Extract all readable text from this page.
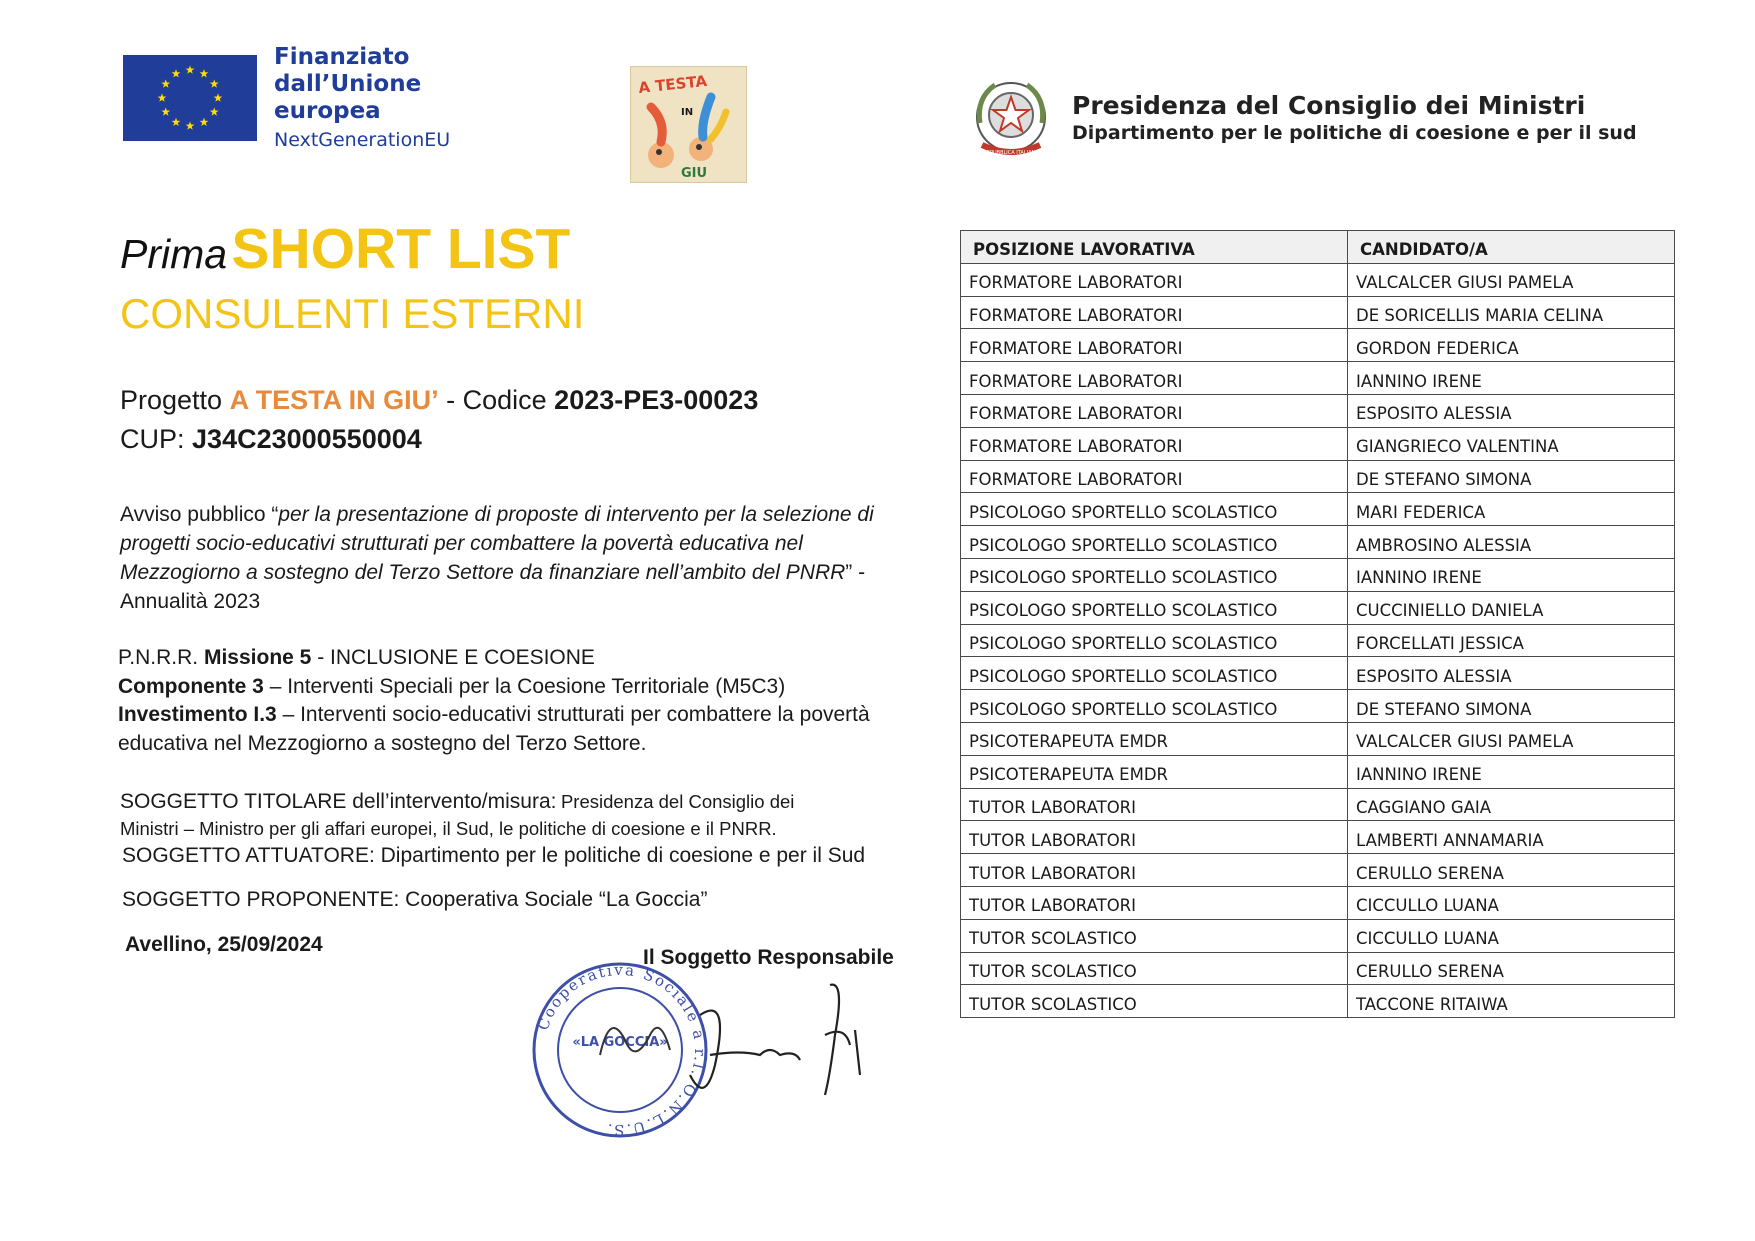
Finanziato
dall’Unione europea
NextGenerationEU
A TESTA
IN
GIU
REPUBBLICA ITALIANA
Presidenza del Consiglio dei Ministri
Dipartimento per le politiche di coesione e per il sud
Prima SHORT LIST
CONSULENTI ESTERNI
Progetto A TESTA IN GIU’ - Codice 2023-PE3-00023
CUP: J34C23000550004
Avviso pubblico “per la presentazione di proposte di intervento per la selezione di progetti socio-educativi strutturati per combattere la povertà educativa nel Mezzogiorno a sostegno del Terzo Settore da finanziare nell’ambito del PNRR” - Annualità 2023
P.N.R.R. Missione 5 - INCLUSIONE E COESIONE
Componente 3 – Interventi Speciali per la Coesione Territoriale (M5C3)
Investimento I.3 – Interventi socio-educativi strutturati per combattere la povertà
educativa nel Mezzogiorno a sostegno del Terzo Settore.
SOGGETTO TITOLARE dell’intervento/misura: Presidenza del Consiglio dei
Ministri – Ministro per gli affari europei, il Sud, le politiche di coesione e il PNRR.
SOGGETTO ATTUATORE: Dipartimento per le politiche di coesione e per il Sud
SOGGETTO PROPONENTE: Cooperativa Sociale “La Goccia”
Avellino, 25/09/2024
Il Soggetto Responsabile
Cooperativa Sociale a r.l. O.N.L.U.S.
«LA GOCCIA»
POSIZIONE LAVORATIVA	CANDIDATO/A
FORMATORE LABORATORI	VALCALCER GIUSI PAMELA
FORMATORE LABORATORI	DE SORICELLIS MARIA CELINA
FORMATORE LABORATORI	GORDON FEDERICA
FORMATORE LABORATORI	IANNINO IRENE
FORMATORE LABORATORI	ESPOSITO ALESSIA
FORMATORE LABORATORI	GIANGRIECO VALENTINA
FORMATORE LABORATORI	DE STEFANO SIMONA
PSICOLOGO SPORTELLO SCOLASTICO	MARI FEDERICA
PSICOLOGO SPORTELLO SCOLASTICO	AMBROSINO ALESSIA
PSICOLOGO SPORTELLO SCOLASTICO	IANNINO IRENE
PSICOLOGO SPORTELLO SCOLASTICO	CUCCINIELLO DANIELA
PSICOLOGO SPORTELLO SCOLASTICO	FORCELLATI JESSICA
PSICOLOGO SPORTELLO SCOLASTICO	ESPOSITO ALESSIA
PSICOLOGO SPORTELLO SCOLASTICO	DE STEFANO SIMONA
PSICOTERAPEUTA EMDR	VALCALCER GIUSI PAMELA
PSICOTERAPEUTA EMDR	IANNINO IRENE
TUTOR LABORATORI	CAGGIANO GAIA
TUTOR LABORATORI	LAMBERTI ANNAMARIA
TUTOR LABORATORI	CERULLO SERENA
TUTOR LABORATORI	CICCULLO LUANA
TUTOR SCOLASTICO	CICCULLO LUANA
TUTOR SCOLASTICO	CERULLO SERENA
TUTOR SCOLASTICO	TACCONE RITAIWA
